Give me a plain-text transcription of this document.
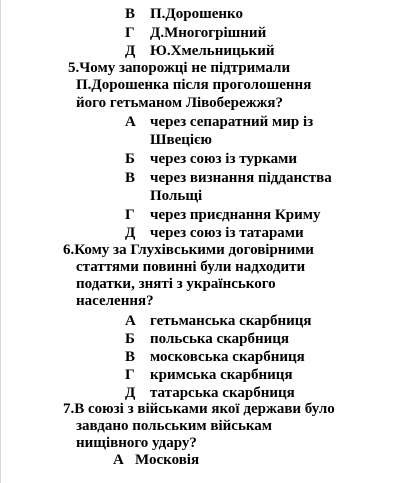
В П.Дорошенко
Г Д.Многогрішний
Д Ю.Хмельницький
5.Чому запорожці не підтримали
П.Дорошенка після проголошення
його гетьманом Лівобережжя?
А через сепаратний мир із
Швецією
Б через союз із турками
В через визнання підданства
Польщі
Г через приєднання Криму
Д через союз із татарами
6.Кому за Глухівськими договірними
статтями повинні були надходити
податки, зняті з українського
населення?
А гетьманська скарбниця
Б польська скарбниця
В московська скарбниця
Г кримська скарбниця
Д татарська скарбниця
7.В союзі з військами якої держави було
завдано польським військам
нищівного удару?
А Московія
